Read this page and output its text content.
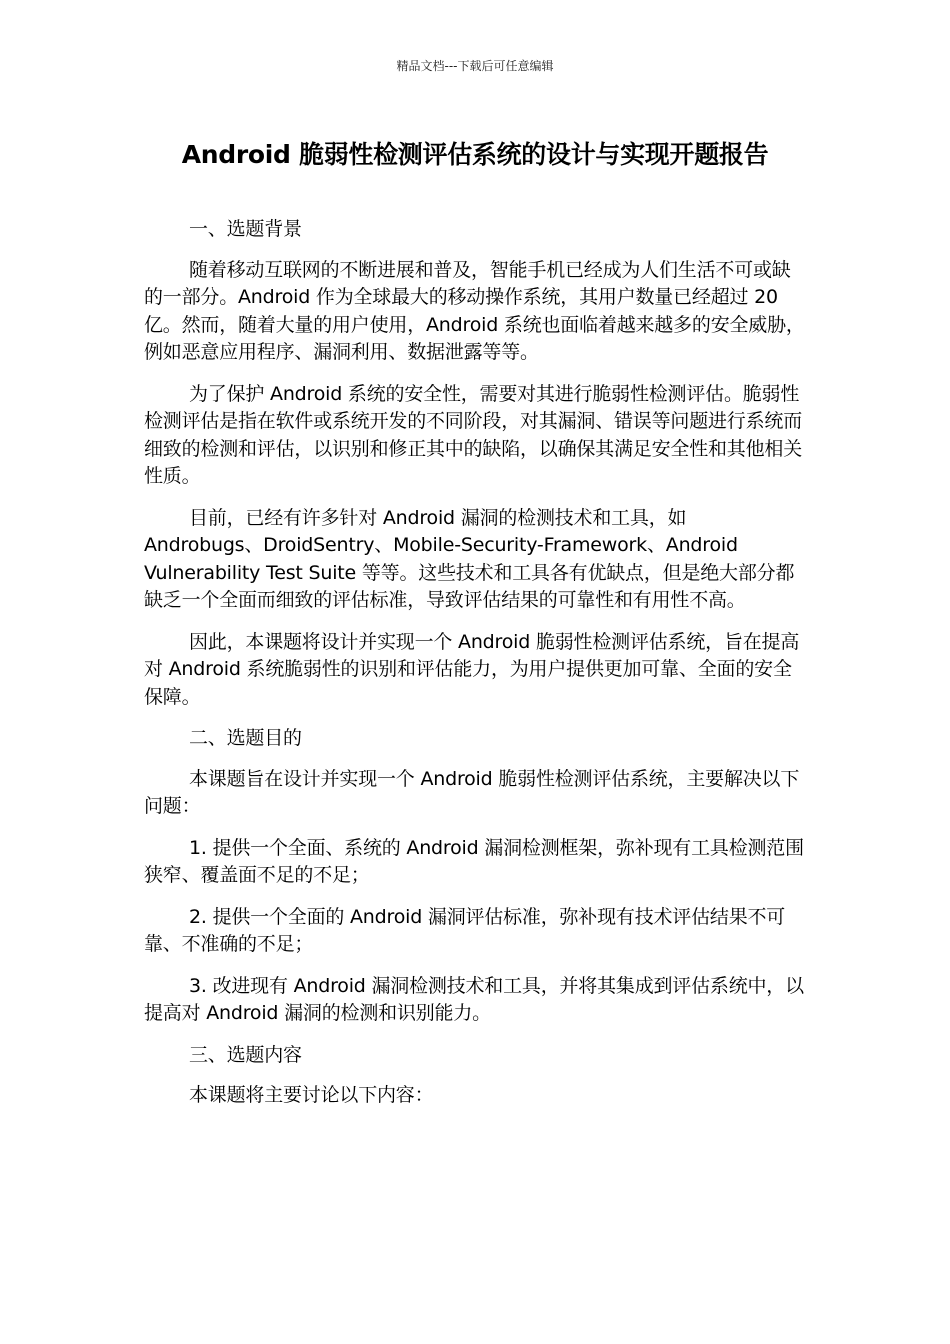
精品文档---下载后可任意编辑
Android 脆弱性检测评估系统的设计与实现开题报告

一、选题背景

随着移动互联网的不断进展和普及，智能手机已经成为人们生活不可或缺的一部分。Android 作为全球最大的移动操作系统，其用户数量已经超过 20 亿。然而，随着大量的用户使用，Android 系统也面临着越来越多的安全威胁，例如恶意应用程序、漏洞利用、数据泄露等等。

为了保护 Android 系统的安全性，需要对其进行脆弱性检测评估。脆弱性检测评估是指在软件或系统开发的不同阶段，对其漏洞、错误等问题进行系统而细致的检测和评估，以识别和修正其中的缺陷，以确保其满足安全性和其他相关性质。

目前，已经有许多针对 Android 漏洞的检测技术和工具，如 Androbugs、DroidSentry、Mobile-Security-Framework、Android Vulnerability Test Suite 等等。这些技术和工具各有优缺点，但是绝大部分都缺乏一个全面而细致的评估标准，导致评估结果的可靠性和有用性不高。

因此，本课题将设计并实现一个 Android 脆弱性检测评估系统，旨在提高对 Android 系统脆弱性的识别和评估能力，为用户提供更加可靠、全面的安全保障。

二、选题目的

本课题旨在设计并实现一个 Android 脆弱性检测评估系统，主要解决以下问题：

1. 提供一个全面、系统的 Android 漏洞检测框架，弥补现有工具检测范围狭窄、覆盖面不足的不足；

2. 提供一个全面的 Android 漏洞评估标准，弥补现有技术评估结果不可靠、不准确的不足；

3. 改进现有 Android 漏洞检测技术和工具，并将其集成到评估系统中，以提高对 Android 漏洞的检测和识别能力。

三、选题内容

本课题将主要讨论以下内容：
